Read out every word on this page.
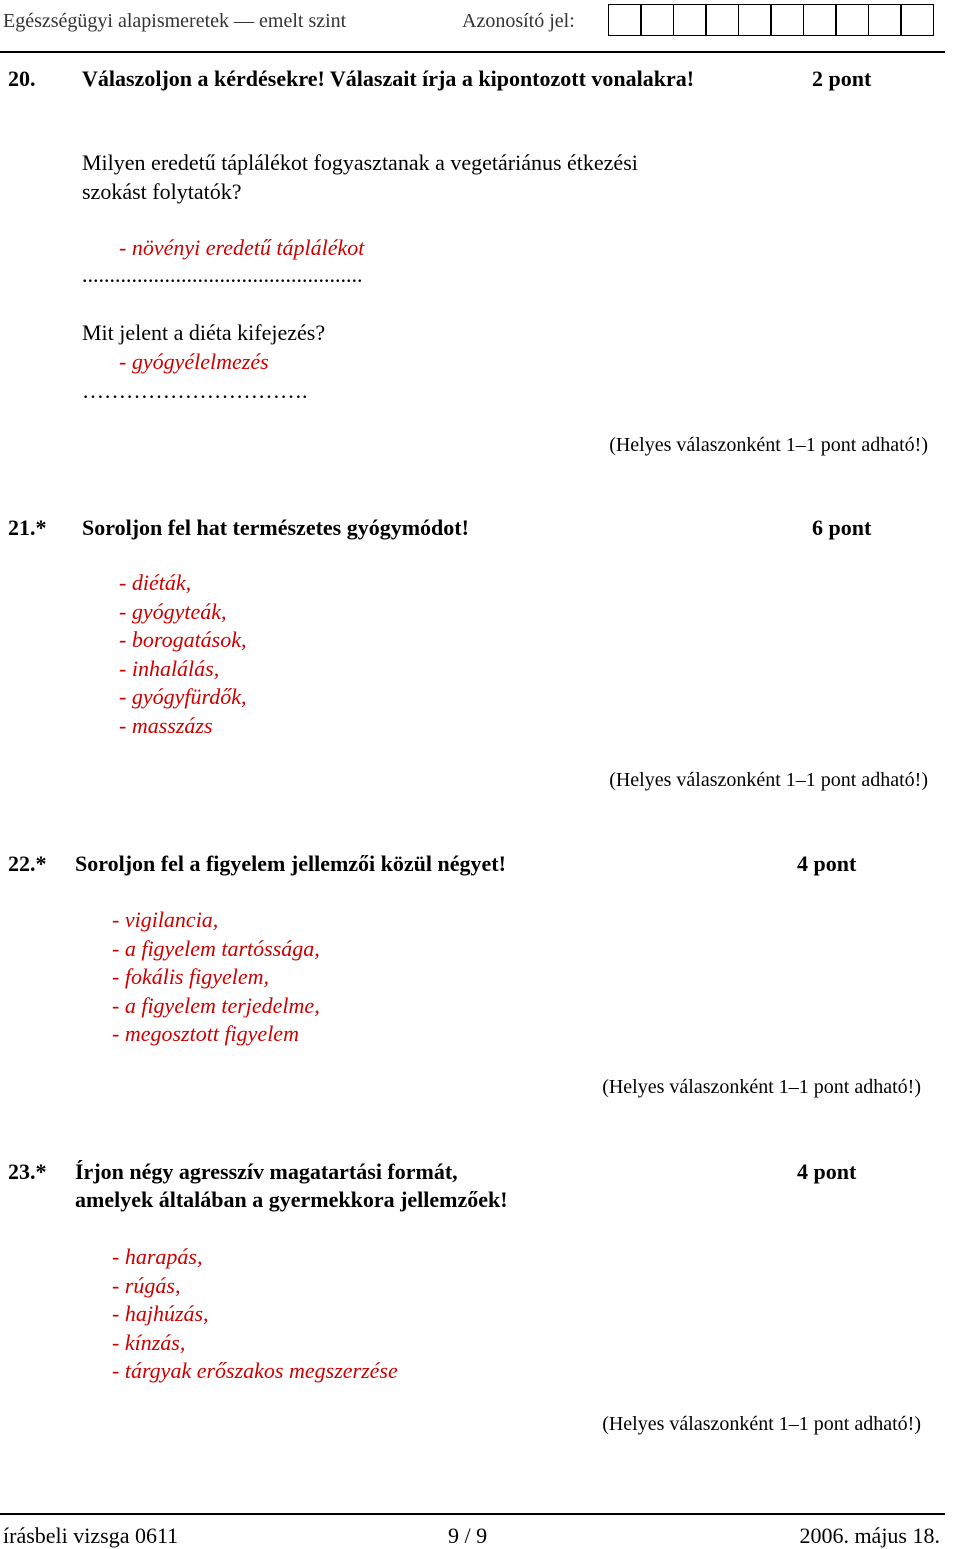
Egészségügyi alapismeretek — emelt szint	Azonosító jel:
20. Válaszoljon a kérdésekre! Válaszait írja a kipontozott vonalakra!	2 pont
Milyen eredetű táplálékot fogyasztanak a vegetáriánus étkezési
szokást folytatók?
- növényi eredetű táplálékot
...................................................
Mit jelent a diéta kifejezés?
- gyógyélelmezés
………………………….
(Helyes válaszonként 1–1 pont adható!)
21.* Soroljon fel hat természetes gyógymódot!	6 pont
- diéták,
- gyógyteák,
- borogatások,
- inhalálás,
- gyógyfürdők,
- masszázs
(Helyes válaszonként 1–1 pont adható!)
22.* Soroljon fel a figyelem jellemzői közül négyet!	4 pont
- vigilancia,
- a figyelem tartóssága,
- fokális figyelem,
- a figyelem terjedelme,
- megosztott figyelem
(Helyes válaszonként 1–1 pont adható!)
23.* Írjon négy agresszív magatartási formát,
amelyek általában a gyermekkora jellemzőek!
4 pont
- harapás,
- rúgás,
- hajhúzás,
- kínzás,
- tárgyak erőszakos megszerzése
(Helyes válaszonként 1–1 pont adható!)
írásbeli vizsga 0611	9 / 9	2006. május 18.
